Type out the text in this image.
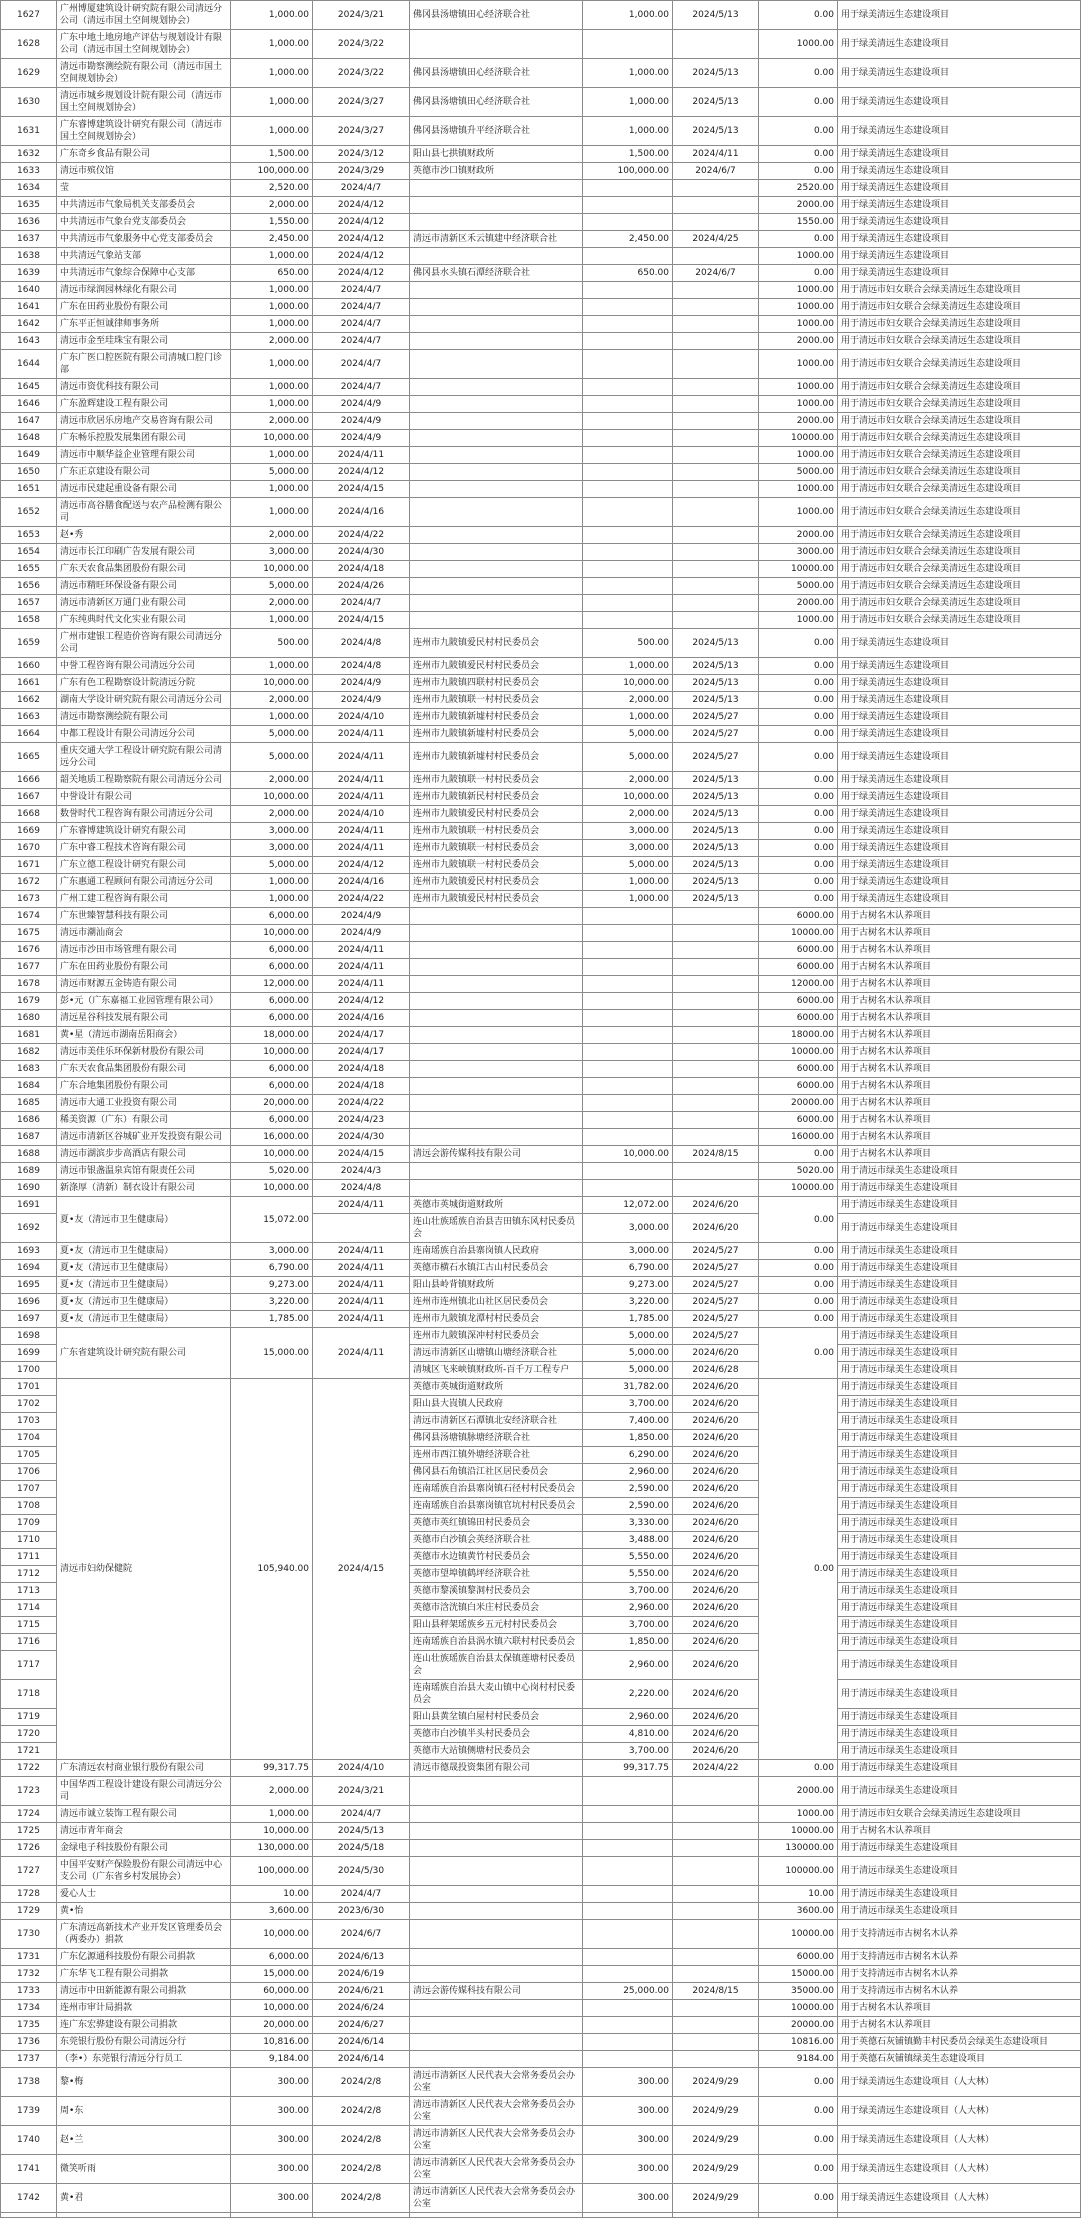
1627	广州博厦建筑设计研究院有限公司清远分公司（清远市国土空间规划协会）	1,000.00	2024/3/21	佛冈县汤塘镇田心经济联合社	1,000.00	2024/5/13	0.00	用于绿美清远生态建设项目
1628	广东中地土地房地产评估与规划设计有限公司（清远市国土空间规划协会）	1,000.00	2024/3/22				1000.00	用于绿美清远生态建设项目
1629	清远市勘察测绘院有限公司（清远市国土空间规划协会）	1,000.00	2024/3/22	佛冈县汤塘镇田心经济联合社	1,000.00	2024/5/13	0.00	用于绿美清远生态建设项目
1630	清远市城乡规划设计院有限公司（清远市国土空间规划协会）	1,000.00	2024/3/27	佛冈县汤塘镇田心经济联合社	1,000.00	2024/5/13	0.00	用于绿美清远生态建设项目
1631	广东睿博建筑设计研究有限公司（清远市国土空间规划协会）	1,000.00	2024/3/27	佛冈县汤塘镇升平经济联合社	1,000.00	2024/5/13	0.00	用于绿美清远生态建设项目
1632	广东奇乡食品有限公司	1,500.00	2024/3/12	阳山县七拱镇财政所	1,500.00	2024/4/11	0.00	用于绿美清远生态建设项目
1633	清远市殡仪馆	100,000.00	2024/3/29	英德市沙口镇财政所	100,000.00	2024/6/7	0.00	用于绿美清远生态建设项目
1634	莹	2,520.00	2024/4/7				2520.00	用于绿美清远生态建设项目
1635	中共清远市气象局机关支部委员会	2,000.00	2024/4/12				2000.00	用于绿美清远生态建设项目
1636	中共清远市气象台党支部委员会	1,550.00	2024/4/12				1550.00	用于绿美清远生态建设项目
1637	中共清远市气象服务中心党支部委员会	2,450.00	2024/4/12	清远市清新区禾云镇建中经济联合社	2,450.00	2024/4/25	0.00	用于绿美清远生态建设项目
1638	中共清远气象站支部	1,000.00	2024/4/12				1000.00	用于绿美清远生态建设项目
1639	中共清远市气象综合保障中心支部	650.00	2024/4/12	佛冈县水头镇石潭经济联合社	650.00	2024/6/7	0.00	用于绿美清远生态建设项目
1640	清远市绿润园林绿化有限公司	1,000.00	2024/4/7				1000.00	用于清远市妇女联合会绿美清远生态建设项目
1641	广东在田药业股份有限公司	1,000.00	2024/4/7				1000.00	用于清远市妇女联合会绿美清远生态建设项目
1642	广东平正恒诚律师事务所	1,000.00	2024/4/7				1000.00	用于清远市妇女联合会绿美清远生态建设项目
1643	清远市金至珪珠宝有限公司	2,000.00	2024/4/7				2000.00	用于清远市妇女联合会绿美清远生态建设项目
1644	广东广医口腔医院有限公司清城口腔门诊部	1,000.00	2024/4/7				1000.00	用于清远市妇女联合会绿美清远生态建设项目
1645	清远市资优科技有限公司	1,000.00	2024/4/7				1000.00	用于清远市妇女联合会绿美清远生态建设项目
1646	广东盈辉建设工程有限公司	1,000.00	2024/4/9				1000.00	用于清远市妇女联合会绿美清远生态建设项目
1647	清远市欣居乐房地产交易咨询有限公司	2,000.00	2024/4/9				2000.00	用于清远市妇女联合会绿美清远生态建设项目
1648	广东畅乐控股发展集团有限公司	10,000.00	2024/4/9				10000.00	用于清远市妇女联合会绿美清远生态建设项目
1649	清远市中顺华益企业管理有限公司	1,000.00	2024/4/11				1000.00	用于清远市妇女联合会绿美清远生态建设项目
1650	广东正京建设有限公司	5,000.00	2024/4/12				5000.00	用于清远市妇女联合会绿美清远生态建设项目
1651	清远市民建起重设备有限公司	1,000.00	2024/4/15				1000.00	用于清远市妇女联合会绿美清远生态建设项目
1652	清远市高谷膳食配送与农产品检测有限公司	1,000.00	2024/4/16				1000.00	用于清远市妇女联合会绿美清远生态建设项目
1653	赵•秀	2,000.00	2024/4/22				2000.00	用于清远市妇女联合会绿美清远生态建设项目
1654	清远市长江印刷广告发展有限公司	3,000.00	2024/4/30				3000.00	用于清远市妇女联合会绿美清远生态建设项目
1655	广东天农食品集团股份有限公司	10,000.00	2024/4/18				10000.00	用于清远市妇女联合会绿美清远生态建设项目
1656	清远市精旺环保设备有限公司	5,000.00	2024/4/26				5000.00	用于清远市妇女联合会绿美清远生态建设项目
1657	清远市清新区万通门业有限公司	2,000.00	2024/4/7				2000.00	用于清远市妇女联合会绿美清远生态建设项目
1658	广东纯典时代文化实业有限公司	1,000.00	2024/4/15				1000.00	用于清远市妇女联合会绿美清远生态建设项目
1659	广州市建银工程造价咨询有限公司清远分公司	500.00	2024/4/8	连州市九陂镇爱民村村民委员会	500.00	2024/5/13	0.00	用于绿美清远生态建设项目
1660	中誉工程咨询有限公司清远分公司	1,000.00	2024/4/8	连州市九陂镇爱民村村民委员会	1,000.00	2024/5/13	0.00	用于绿美清远生态建设项目
1661	广东有色工程勘察设计院清远分院	10,000.00	2024/4/9	连州市九陂镇四联村村民委员会	10,000.00	2024/5/13	0.00	用于绿美清远生态建设项目
1662	湖南大学设计研究院有限公司清远分公司	2,000.00	2024/4/9	连州市九陂镇联一村村民委员会	2,000.00	2024/5/13	0.00	用于绿美清远生态建设项目
1663	清远市勘察测绘院有限公司	1,000.00	2024/4/10	连州市九陂镇新墟村村民委员会	1,000.00	2024/5/27	0.00	用于绿美清远生态建设项目
1664	中都工程设计有限公司清远分公司	5,000.00	2024/4/11	连州市九陂镇新墟村村民委员会	5,000.00	2024/5/27	0.00	用于绿美清远生态建设项目
1665	重庆交通大学工程设计研究院有限公司清远分公司	5,000.00	2024/4/11	连州市九陂镇新墟村村民委员会	5,000.00	2024/5/27	0.00	用于绿美清远生态建设项目
1666	韶关地质工程勘察院有限公司清远分公司	2,000.00	2024/4/11	连州市九陂镇联一村村民委员会	2,000.00	2024/5/13	0.00	用于绿美清远生态建设项目
1667	中誉设计有限公司	10,000.00	2024/4/11	连州市九陂镇新民村村民委员会	10,000.00	2024/5/13	0.00	用于绿美清远生态建设项目
1668	数誉时代工程咨询有限公司清远分公司	2,000.00	2024/4/10	连州市九陂镇爱民村村民委员会	2,000.00	2024/5/13	0.00	用于绿美清远生态建设项目
1669	广东睿博建筑设计研究有限公司	3,000.00	2024/4/11	连州市九陂镇联一村村民委员会	3,000.00	2024/5/13	0.00	用于绿美清远生态建设项目
1670	广东中睿工程技术咨询有限公司	3,000.00	2024/4/11	连州市九陂镇联一村村民委员会	3,000.00	2024/5/13	0.00	用于绿美清远生态建设项目
1671	广东立德工程设计研究有限公司	5,000.00	2024/4/12	连州市九陂镇联一村村民委员会	5,000.00	2024/5/13	0.00	用于绿美清远生态建设项目
1672	广东惠通工程顾问有限公司清远分公司	1,000.00	2024/4/16	连州市九陂镇爱民村村民委员会	1,000.00	2024/5/13	0.00	用于绿美清远生态建设项目
1673	广州工建工程咨询有限公司	1,000.00	2024/4/22	连州市九陂镇爱民村村民委员会	1,000.00	2024/5/13	0.00	用于绿美清远生态建设项目
1674	广东世臻智慧科技有限公司	6,000.00	2024/4/9				6000.00	用于古树名木认养项目
1675	清远市潮汕商会	10,000.00	2024/4/9				10000.00	用于古树名木认养项目
1676	清远市沙田市场管理有限公司	6,000.00	2024/4/11				6000.00	用于古树名木认养项目
1677	广东在田药业股份有限公司	6,000.00	2024/4/11				6000.00	用于古树名木认养项目
1678	清远市财源五金铸造有限公司	12,000.00	2024/4/11				12000.00	用于古树名木认养项目
1679	彭•元（广东嘉福工业园管理有限公司）	6,000.00	2024/4/12				6000.00	用于古树名木认养项目
1680	清远星谷科技发展有限公司	6,000.00	2024/4/16				6000.00	用于古树名木认养项目
1681	黄•星（清远市湖南岳阳商会）	18,000.00	2024/4/17				18000.00	用于古树名木认养项目
1682	清远市美佳乐环保新材股份有限公司	10,000.00	2024/4/17				10000.00	用于古树名木认养项目
1683	广东天农食品集团股份有限公司	6,000.00	2024/4/18				6000.00	用于古树名木认养项目
1684	广东合地集团股份有限公司	6,000.00	2024/4/18				6000.00	用于古树名木认养项目
1685	清远市大通工业投资有限公司	20,000.00	2024/4/22				20000.00	用于古树名木认养项目
1686	稀美资源（广东）有限公司	6,000.00	2024/4/23				6000.00	用于古树名木认养项目
1687	清远市清新区谷城矿业开发投资有限公司	16,000.00	2024/4/30				16000.00	用于古树名木认养项目
1688	清远市湖滨步步高酒店有限公司	10,000.00	2024/4/15	清远会游传媒科技有限公司	10,000.00	2024/8/15	0.00	用于古树名木认养项目
1689	清远市银盏温泉宾馆有限责任公司	5,020.00	2024/4/3				5020.00	用于清远市绿美生态建设项目
1690	新涤厚（清新）制衣设计有限公司	10,000.00	2024/4/8				10000.00	用于清远市绿美生态建设项目
1691	夏•友（清远市卫生健康局）	15,072.00	2024/4/11	英德市英城街道财政所	12,072.00	2024/6/20	0.00	用于清远市绿美生态建设项目
1692				连山壮族瑶族自治县吉田镇东风村民委员会	3,000.00	2024/6/20		用于清远市绿美生态建设项目
1693	夏•友（清远市卫生健康局）	3,000.00	2024/4/11	连南瑶族自治县寨岗镇人民政府	3,000.00	2024/5/27	0.00	用于清远市绿美生态建设项目
1694	夏•友（清远市卫生健康局）	6,790.00	2024/4/11	英德市横石水镇江古山村民委员会	6,790.00	2024/5/27	0.00	用于清远市绿美生态建设项目
1695	夏•友（清远市卫生健康局）	9,273.00	2024/4/11	阳山县岭背镇财政所	9,273.00	2024/5/27	0.00	用于清远市绿美生态建设项目
1696	夏•友（清远市卫生健康局）	3,220.00	2024/4/11	连州市连州镇北山社区居民委员会	3,220.00	2024/5/27	0.00	用于清远市绿美生态建设项目
1697	夏•友（清远市卫生健康局）	1,785.00	2024/4/11	连州市九陂镇龙潭村村民委员会	1,785.00	2024/5/27	0.00	用于清远市绿美生态建设项目
1698	广东省建筑设计研究院有限公司	15,000.00	2024/4/11	连州市九陂镇深冲村村民委员会	5,000.00	2024/5/27	0.00	用于清远市绿美生态建设项目
1699				清远市清新区山塘镇山塘经济联合社	5,000.00	2024/6/20		用于清远市绿美生态建设项目
1700				清城区飞来峡镇财政所-百千万工程专户	5,000.00	2024/6/28		用于清远市绿美生态建设项目
1701	清远市妇幼保健院	105,940.00	2024/4/15	英德市英城街道财政所	31,782.00	2024/6/20	0.00	用于清远市绿美生态建设项目
1702				阳山县大崀镇人民政府	3,700.00	2024/6/20		用于清远市绿美生态建设项目
1703				清远市清新区石潭镇北安经济联合社	7,400.00	2024/6/20		用于清远市绿美生态建设项目
1704				佛冈县汤塘镇脉塘经济联合社	1,850.00	2024/6/20		用于清远市绿美生态建设项目
1705				连州市西江镇外塘经济联合社	6,290.00	2024/6/20		用于清远市绿美生态建设项目
1706				佛冈县石角镇沿江社区居民委员会	2,960.00	2024/6/20		用于清远市绿美生态建设项目
1707				连南瑶族自治县寨岗镇石径村村民委员会	2,590.00	2024/6/20		用于清远市绿美生态建设项目
1708				连南瑶族自治县寨岗镇官坑村村民委员会	2,590.00	2024/6/20		用于清远市绿美生态建设项目
1709				英德市英红镇锦田村民委员会	3,330.00	2024/6/20		用于清远市绿美生态建设项目
1710				英德市白沙镇会英经济联合社	3,488.00	2024/6/20		用于清远市绿美生态建设项目
1711				英德市水边镇黄竹村民委员会	5,550.00	2024/6/20		用于清远市绿美生态建设项目
1712				英德市望埠镇鹤坪经济联合社	5,550.00	2024/6/20		用于清远市绿美生态建设项目
1713				英德市黎溪镇黎洞村民委员会	3,700.00	2024/6/20		用于清远市绿美生态建设项目
1714				英德市浛洸镇白米庄村民委员会	2,960.00	2024/6/20		用于清远市绿美生态建设项目
1715				阳山县秤架瑶族乡五元村村民委员会	3,700.00	2024/6/20		用于清远市绿美生态建设项目
1716				连南瑶族自治县涡水镇六联村村民委员会	1,850.00	2024/6/20		用于清远市绿美生态建设项目
1717				连山壮族瑶族自治县太保镇莲塘村民委员会	2,960.00	2024/6/20		用于清远市绿美生态建设项目
1718				连南瑶族自治县大麦山镇中心岗村村民委员会	2,220.00	2024/6/20		用于清远市绿美生态建设项目
1719				阳山县黄坌镇白屋村村民委员会	2,960.00	2024/6/20		用于清远市绿美生态建设项目
1720				英德市白沙镇半头村民委员会	4,810.00	2024/6/20		用于清远市绿美生态建设项目
1721				英德市大站镇侧塘村民委员会	3,700.00	2024/6/20		用于清远市绿美生态建设项目
1722	广东清远农村商业银行股份有限公司	99,317.75	2024/4/10	清远市德晟投资集团有限公司	99,317.75	2024/4/22	0.00	用于清远市绿美生态建设项目
1723	中国华西工程设计建设有限公司清远分公司	2,000.00	2024/3/21				2000.00	用于清远市绿美生态建设项目
1724	清远市诚立装饰工程有限公司	1,000.00	2024/4/7				1000.00	用于清远市妇女联合会绿美清远生态建设项目
1725	清远市青年商会	10,000.00	2024/5/13				10000.00	用于古树名木认养项目
1726	金绿电子科技股份有限公司	130,000.00	2024/5/18				130000.00	用于清远市绿美生态建设项目
1727	中国平安财产保险股份有限公司清远中心支公司（广东省乡村发展协会）	100,000.00	2024/5/30				100000.00	用于清远市绿美生态建设项目
1728	爱心人士	10.00	2024/4/7				10.00	用于清远市绿美生态建设项目
1729	黄•怡	3,600.00	2023/6/30				3600.00	用于清远市绿美生态建设项目
1730	广东清远高新技术产业开发区管理委员会（两委办）捐款	10,000.00	2024/6/7				10000.00	用于支持清远市古树名木认养
1731	广东亿源通科技股份有限公司捐款	6,000.00	2024/6/13				6000.00	用于支持清远市古树名木认养
1732	广东华飞工程有限公司捐款	15,000.00	2024/6/19				15000.00	用于支持清远市古树名木认养
1733	清远市中田新能源有限公司捐款	60,000.00	2024/6/21	清远会游传媒科技有限公司	25,000.00	2024/8/15	35000.00	用于支持清远市古树名木认养
1734	连州市审计局捐款	10,000.00	2024/6/24				10000.00	用于古树名木认养项目
1735	连广东宏骅建设有限公司捐款	20,000.00	2024/6/27				20000.00	用于古树名木认养项目
1736	东莞银行股份有限公司清远分行	10,816.00	2024/6/14				10816.00	用于英德石灰铺镇勤丰村民委员会绿美生态建设项目
1737	（李•）东莞银行清远分行员工	9,184.00	2024/6/14				9184.00	用于英德石灰铺镇绿美生态建设项目
1738	黎•梅	300.00	2024/2/8	清远市清新区人民代表大会常务委员会办公室	300.00	2024/9/29	0.00	用于绿美清远生态建设项目（人大林）
1739	周•东	300.00	2024/2/8	清远市清新区人民代表大会常务委员会办公室	300.00	2024/9/29	0.00	用于绿美清远生态建设项目（人大林）
1740	赵•兰	300.00	2024/2/8	清远市清新区人民代表大会常务委员会办公室	300.00	2024/9/29	0.00	用于绿美清远生态建设项目（人大林）
1741	微笑听雨	300.00	2024/2/8	清远市清新区人民代表大会常务委员会办公室	300.00	2024/9/29	0.00	用于绿美清远生态建设项目（人大林）
1742	黄•君	300.00	2024/2/8	清远市清新区人民代表大会常务委员会办公室	300.00	2024/9/29	0.00	用于绿美清远生态建设项目（人大林）
